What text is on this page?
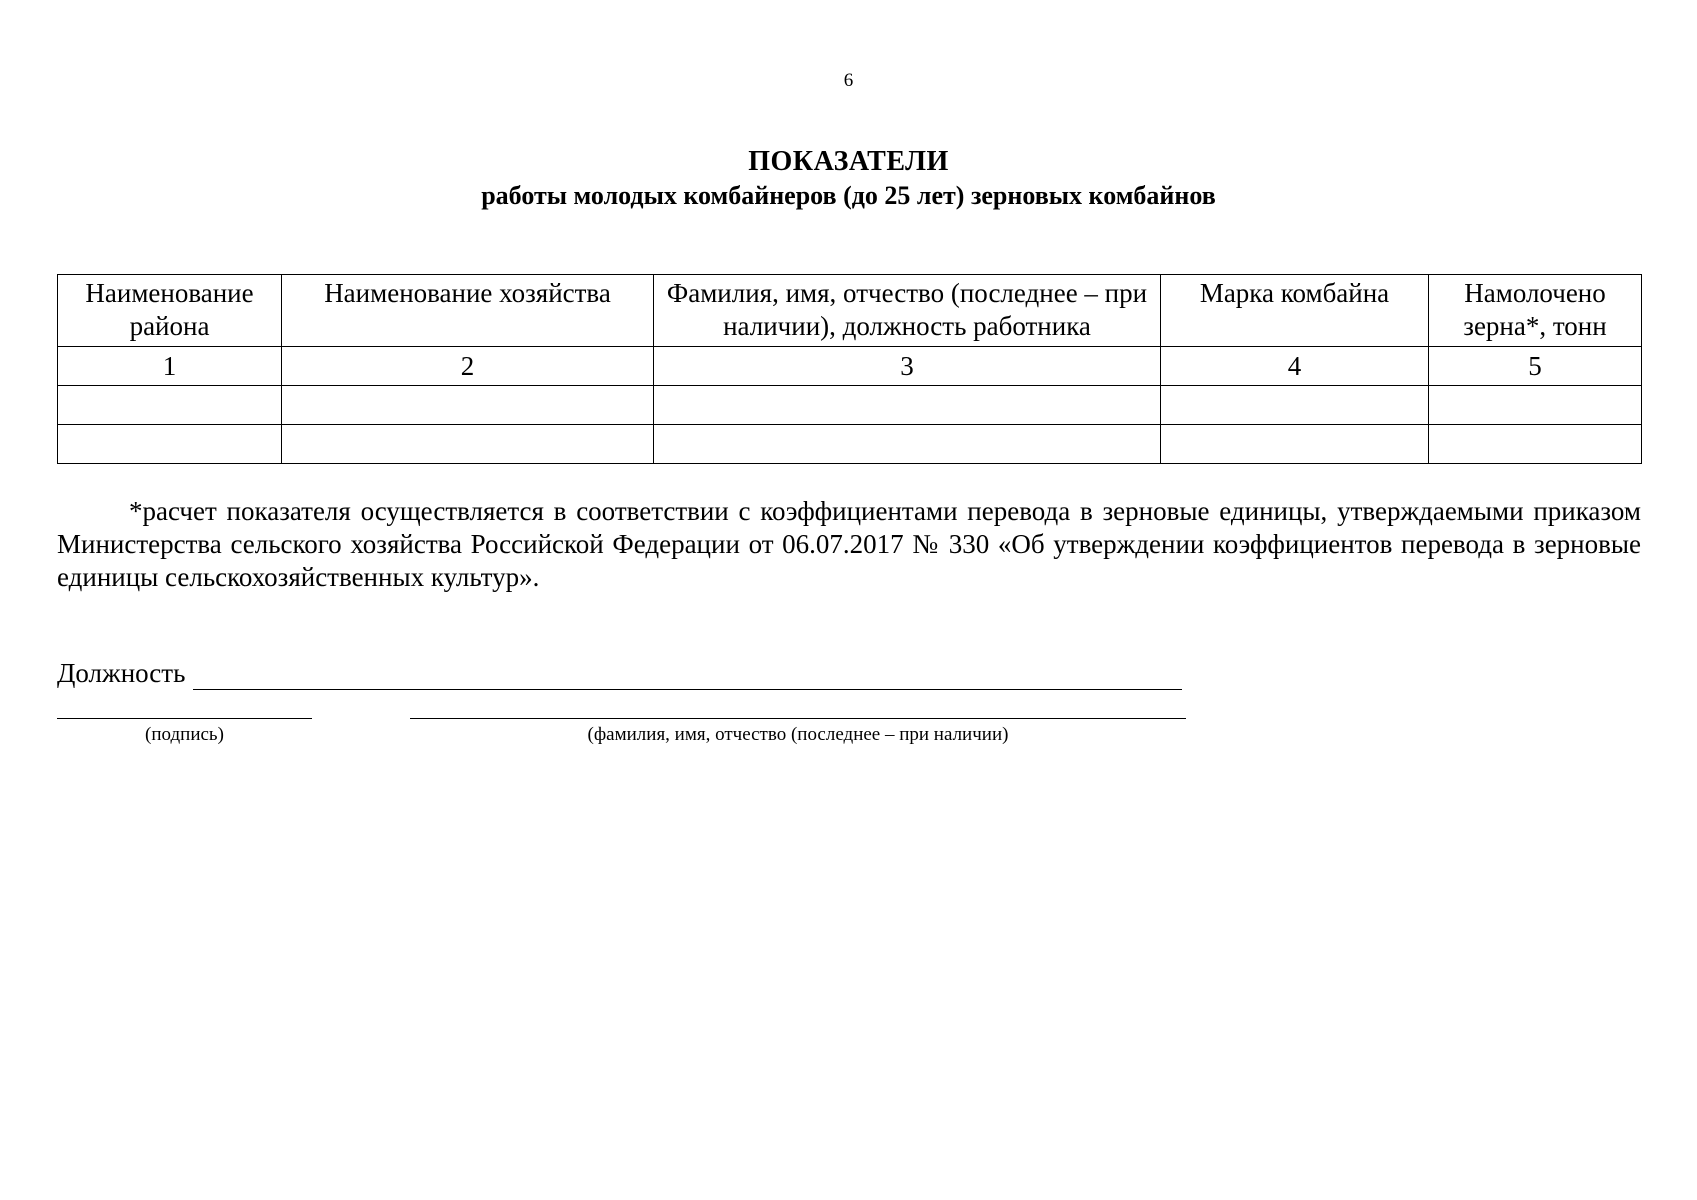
6
ПОКАЗАТЕЛИ
работы молодых комбайнеров (до 25 лет) зерновых комбайнов
Наименование района	Наименование хозяйства	Фамилия, имя, отчество (последнее – при наличии), должность работника	Марка комбайна	Намолочено зерна*, тонн
1	2	3	4	5

*расчет показателя осуществляется в соответствии с коэффициентами перевода в зерновые единицы, утверждаемыми приказом Министерства сельского хозяйства Российской Федерации от 06.07.2017 № 330 «Об утверждении коэффициентов перевода в зерновые единицы сельскохозяйственных культур».

Должность
(подпись)	(фамилия, имя, отчество (последнее – при наличии)
